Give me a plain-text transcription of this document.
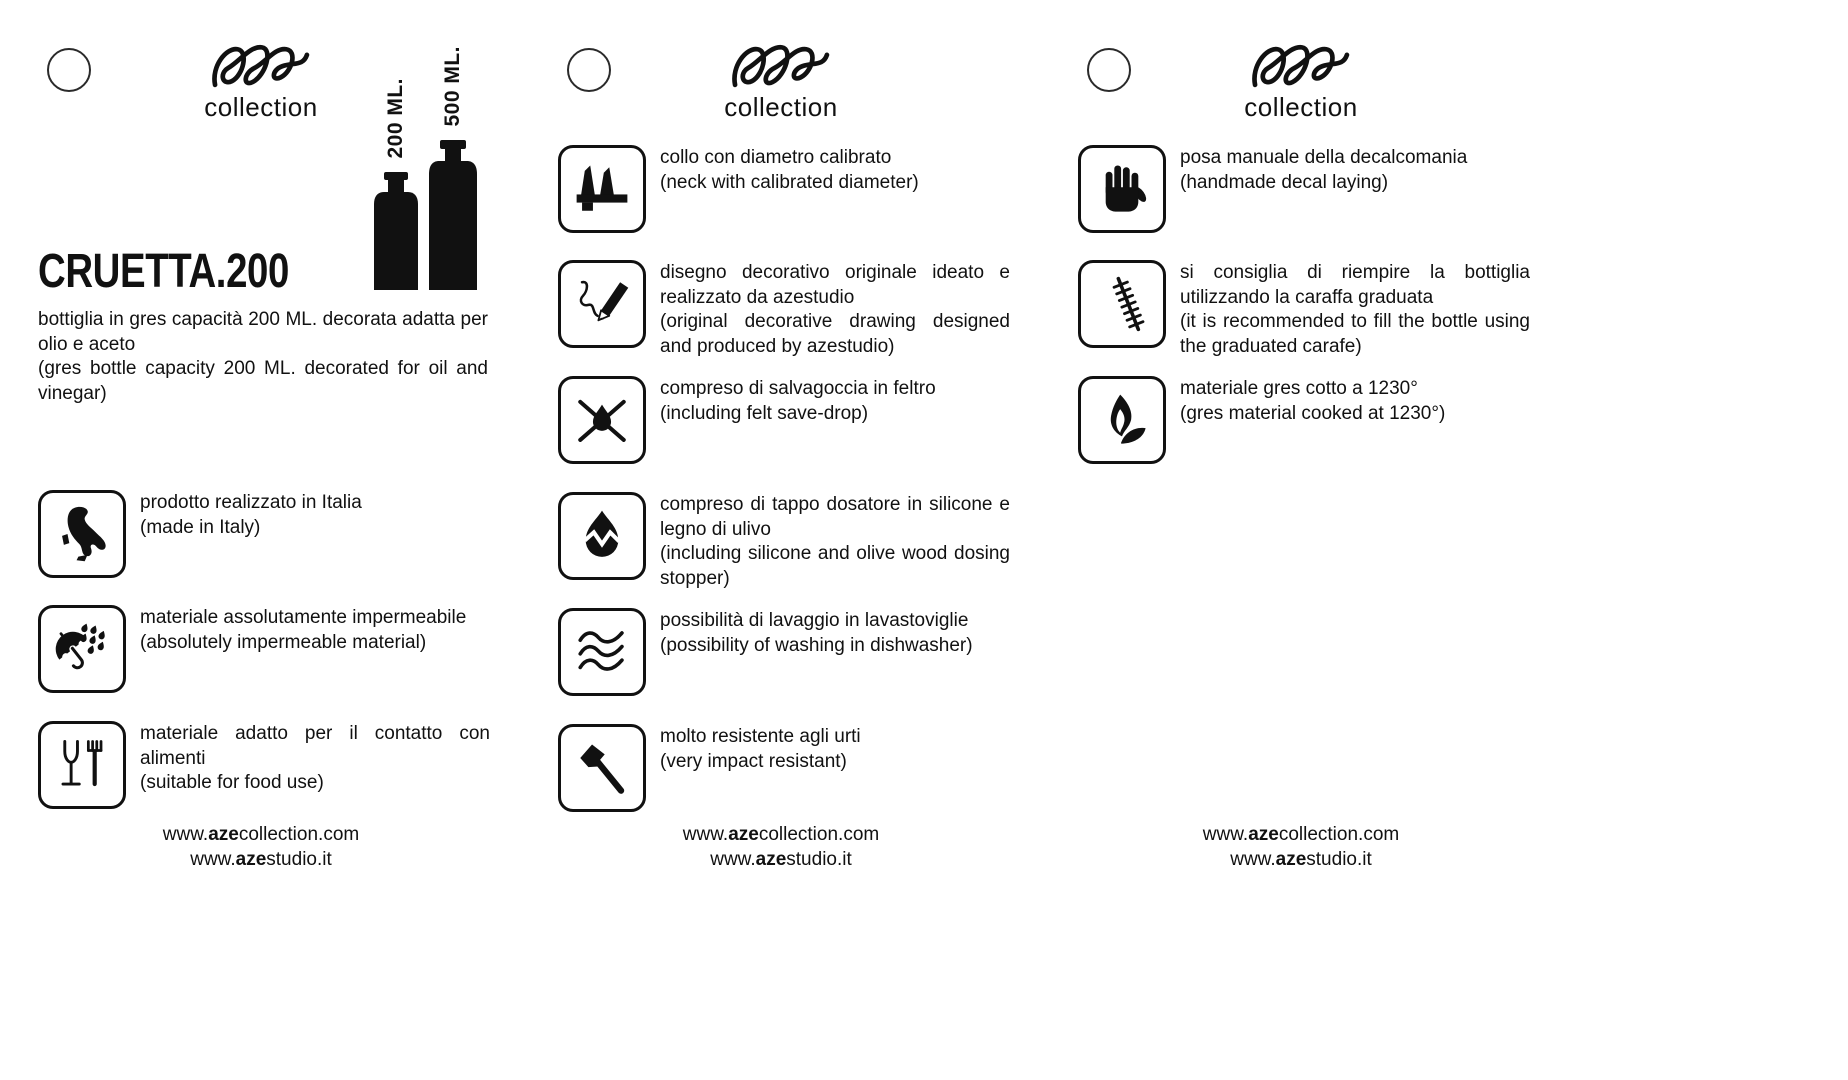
collection	200 ML. 500 ML.
CRUETTA.200
bottiglia in gres capacità 200 ML. decorata adatta per olio e aceto
(gres bottle capacity 200 ML. decorated for oil and vinegar)
prodotto realizzato in Italia
(made in Italy)
materiale assolutamente impermeabile
(absolutely impermeable material)
materiale adatto per il contatto con alimenti
(suitable for food use)
www.azecollection.com
www.azestudio.it
collection
collo con diametro calibrato
(neck with calibrated diameter)
disegno decorativo originale ideato e realizzato da azestudio
(original decorative drawing designed and produced by azestudio)
compreso di salvagoccia in feltro
(including felt save-drop)
compreso di tappo dosatore in silicone e legno di ulivo
(including silicone and olive wood dosing stopper)
possibilità di lavaggio in lavastoviglie
(possibility of washing in dishwasher)
molto resistente agli urti
(very impact resistant)
www.azecollection.com
www.azestudio.it
collection
posa manuale della decalcomania
(handmade decal laying)
si consiglia di riempire la bottiglia utilizzando la caraffa graduata
(it is recommended to fill the bottle using the graduated carafe)
materiale gres cotto a 1230°
(gres material cooked at 1230°)
www.azecollection.com
www.azestudio.it
